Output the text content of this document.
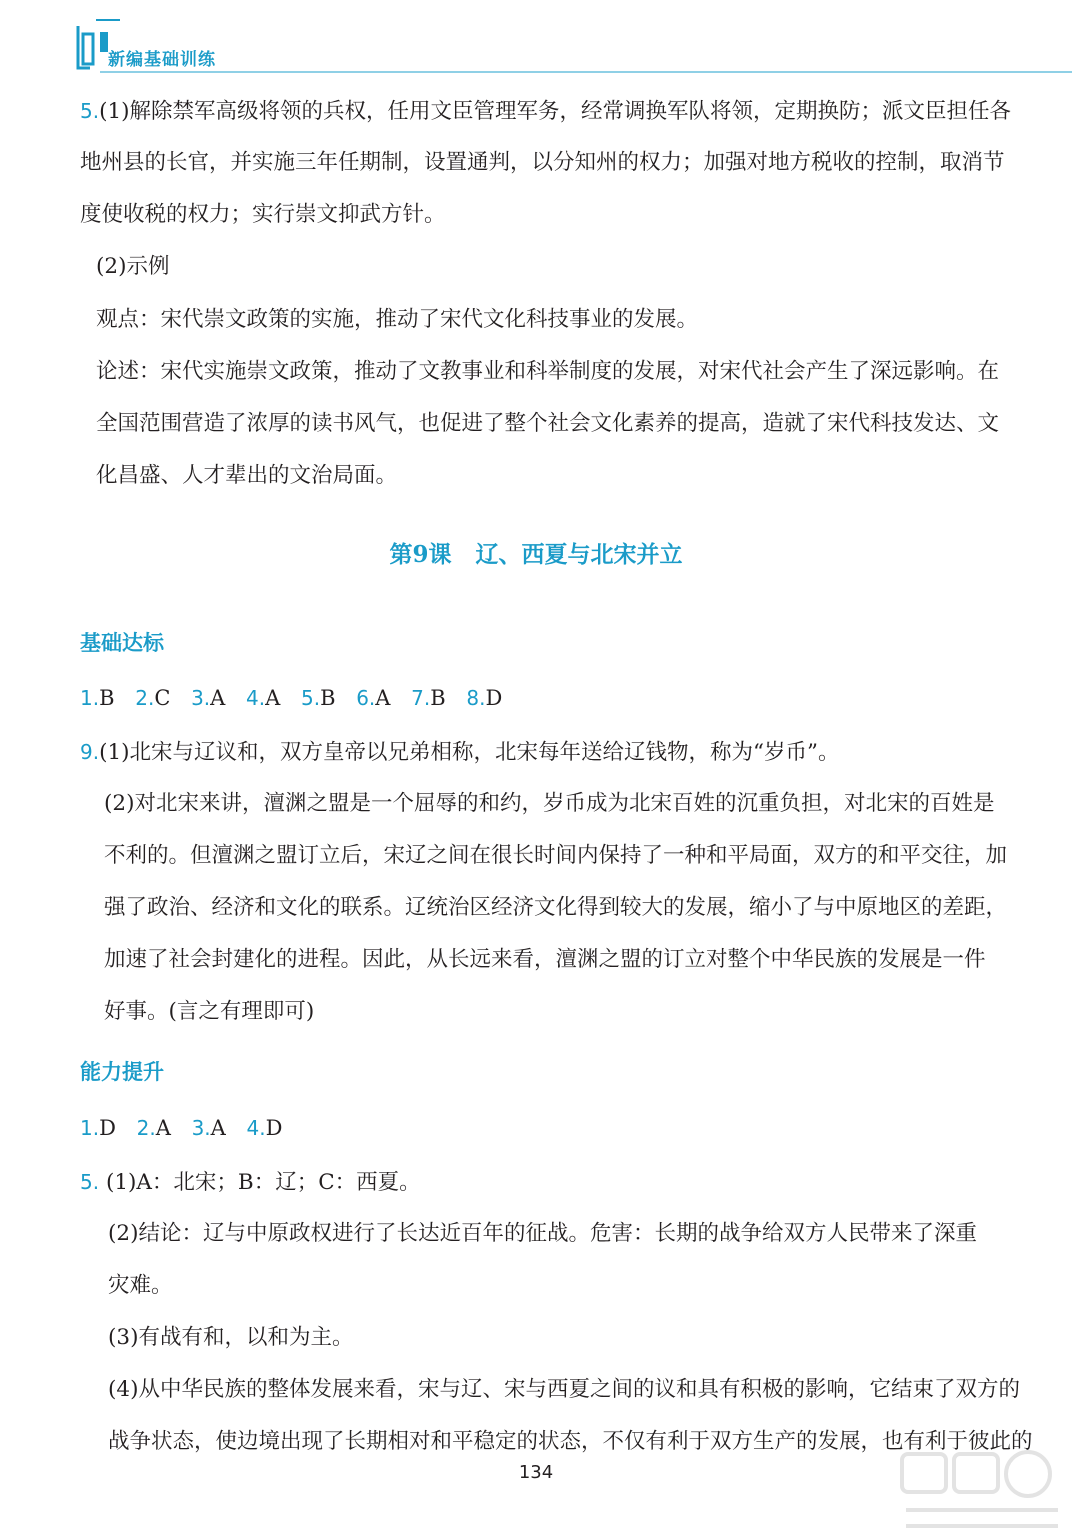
新编基础训练
5.(1)解除禁军高级将领的兵权，任用文臣管理军务，经常调换军队将领，定期换防；派文臣担任各
地州县的长官，并实施三年任期制，设置通判，以分知州的权力；加强对地方税收的控制，取消节
度使收税的权力；实行崇文抑武方针。
(2)示例
观点：宋代崇文政策的实施，推动了宋代文化科技事业的发展。
论述：宋代实施崇文政策，推动了文教事业和科举制度的发展，对宋代社会产生了深远影响。在
全国范围营造了浓厚的读书风气，也促进了整个社会文化素养的提高，造就了宋代科技发达、文
化昌盛、人才辈出的文治局面。
第9课 辽、西夏与北宋并立
基础达标
1.B 2.C 3.A 4.A 5.B 6.A 7.B 8.D
9.(1)北宋与辽议和，双方皇帝以兄弟相称，北宋每年送给辽钱物，称为“岁币”。
(2)对北宋来讲，澶渊之盟是一个屈辱的和约，岁币成为北宋百姓的沉重负担，对北宋的百姓是
不利的。但澶渊之盟订立后，宋辽之间在很长时间内保持了一种和平局面，双方的和平交往，加
强了政治、经济和文化的联系。辽统治区经济文化得到较大的发展，缩小了与中原地区的差距，
加速了社会封建化的进程。因此，从长远来看，澶渊之盟的订立对整个中华民族的发展是一件
好事。(言之有理即可)
能力提升
1.D 2.A 3.A 4.D
5. (1)A：北宋；B：辽；C：西夏。
(2)结论：辽与中原政权进行了长达近百年的征战。危害：长期的战争给双方人民带来了深重
灾难。
(3)有战有和，以和为主。
(4)从中华民族的整体发展来看，宋与辽、宋与西夏之间的议和具有积极的影响，它结束了双方的
战争状态，使边境出现了长期相对和平稳定的状态，不仅有利于双方生产的发展，也有利于彼此的
134
